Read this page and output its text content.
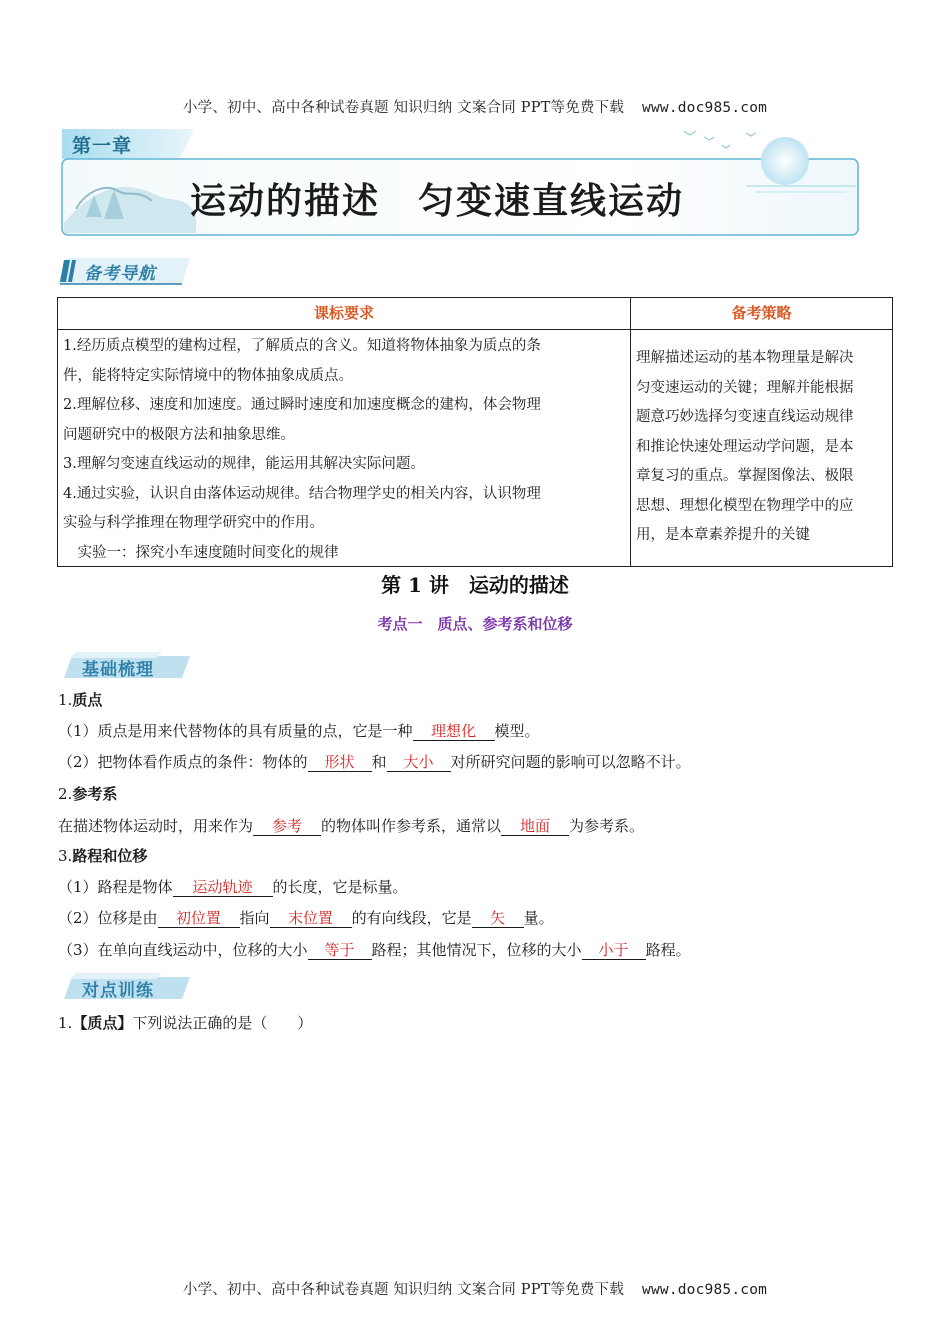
小学、初中、高中各种试卷真题 知识归纳 文案合同 PPT等免费下载 www.doc985.com
第一章
运动的描述　匀变速直线运动
备考导航
课标要求	备考策略
1.经历质点模型的建构过程，了解质点的含义。知道将物体抽象为质点的条
件，能将特定实际情境中的物体抽象成质点。
2.理解位移、速度和加速度。通过瞬时速度和加速度概念的建构，体会物理
问题研究中的极限方法和抽象思维。
3.理解匀变速直线运动的规律，能运用其解决实际问题。
4.通过实验，认识自由落体运动规律。结合物理学史的相关内容，认识物理
实验与科学推理在物理学研究中的作用。
　实验一：探究小车速度随时间变化的规律
理解描述运动的基本物理量是解决
匀变速运动的关键；理解并能根据
题意巧妙选择匀变速直线运动规律
和推论快速处理运动学问题，是本
章复习的重点。掌握图像法、极限
思想、理想化模型在物理学中的应
用，是本章素养提升的关键
第 1 讲　运动的描述
考点一　质点、参考系和位移
基础梳理
1.质点
（1）质点是用来代替物体的具有质量的点，它是一种 理想化 模型。
（2）把物体看作质点的条件：物体的 形状 和 大小 对所研究问题的影响可以忽略不计。
2.参考系
在描述物体运动时，用来作为 参考 的物体叫作参考系，通常以 地面 为参考系。
3.路程和位移
（1）路程是物体 运动轨迹 的长度，它是标量。
（2）位移是由 初位置 指向 末位置 的有向线段，它是 矢 量。
（3）在单向直线运动中，位移的大小 等于 路程；其他情况下，位移的大小 小于 路程。
对点训练
1.【质点】下列说法正确的是（　　）
小学、初中、高中各种试卷真题 知识归纳 文案合同 PPT等免费下载 www.doc985.com
